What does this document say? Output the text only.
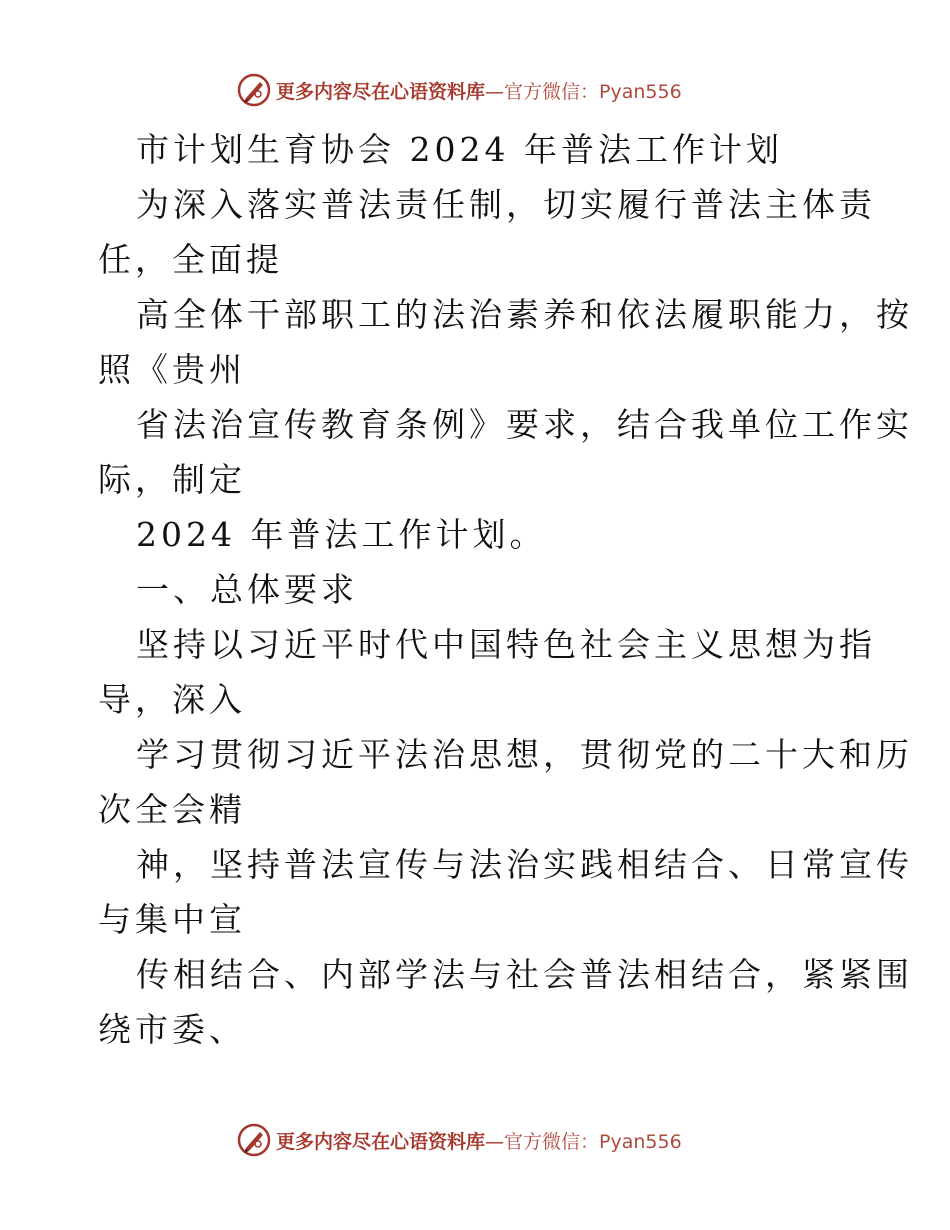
更多内容尽在心语资料库—官方微信：Pyan556
市计划生育协会 2024 年普法工作计划
为深入落实普法责任制，切实履行普法主体责
任，全面提
高全体干部职工的法治素养和依法履职能力，按
照《贵州
省法治宣传教育条例》要求，结合我单位工作实
际，制定
2024 年普法工作计划。
一、总体要求
坚持以习近平时代中国特色社会主义思想为指
导，深入
学习贯彻习近平法治思想，贯彻党的二十大和历
次全会精
神，坚持普法宣传与法治实践相结合、日常宣传
与集中宣
传相结合、内部学法与社会普法相结合，紧紧围
绕市委、
更多内容尽在心语资料库—官方微信：Pyan556
